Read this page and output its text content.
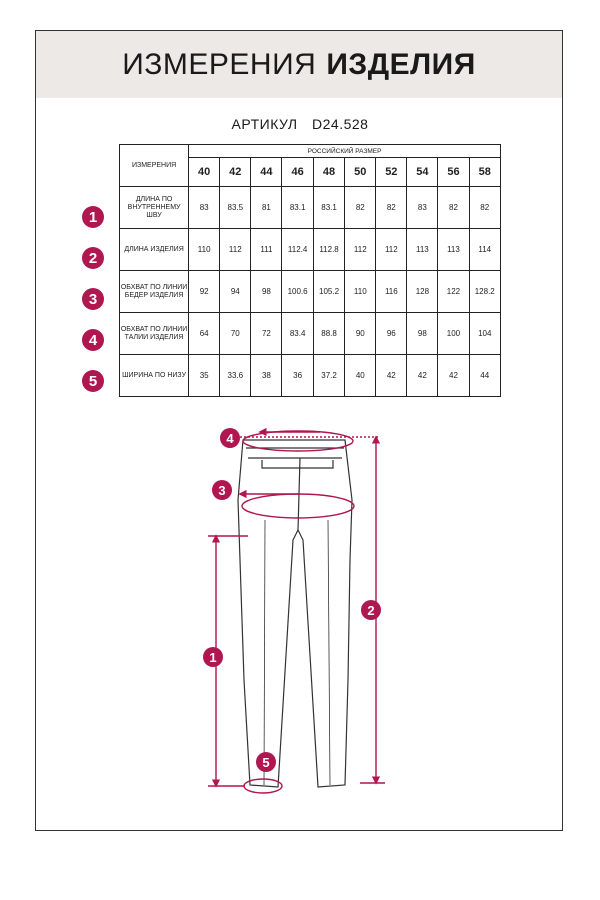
ИЗМЕРЕНИЯ ИЗДЕЛИЯ
АРТИКУЛ D24.528
ИЗМЕРЕНИЯ	РОССИЙСКИЙ РАЗМЕР									
	40	42	44	46	48	50	52	54	56	58
ДЛИНА ПО ВНУТРЕННЕМУ ШВУ	83	83.5	81	83.1	83.1	82	82	83	82	82
ДЛИНА ИЗДЕЛИЯ	110	112	111	112.4	112.8	112	112	113	113	114
ОБХВАТ ПО ЛИНИИ БЕДЕР ИЗДЕЛИЯ	92	94	98	100.6	105.2	110	116	128	122	128.2
ОБХВАТ ПО ЛИНИИ ТАЛИИ ИЗДЕЛИЯ	64	70	72	83.4	88.8	90	96	98	100	104
ШИРИНА ПО НИЗУ	35	33.6	38	36	37.2	40	42	42	42	44
1
2
3
4
5
4
3
2
1
5
